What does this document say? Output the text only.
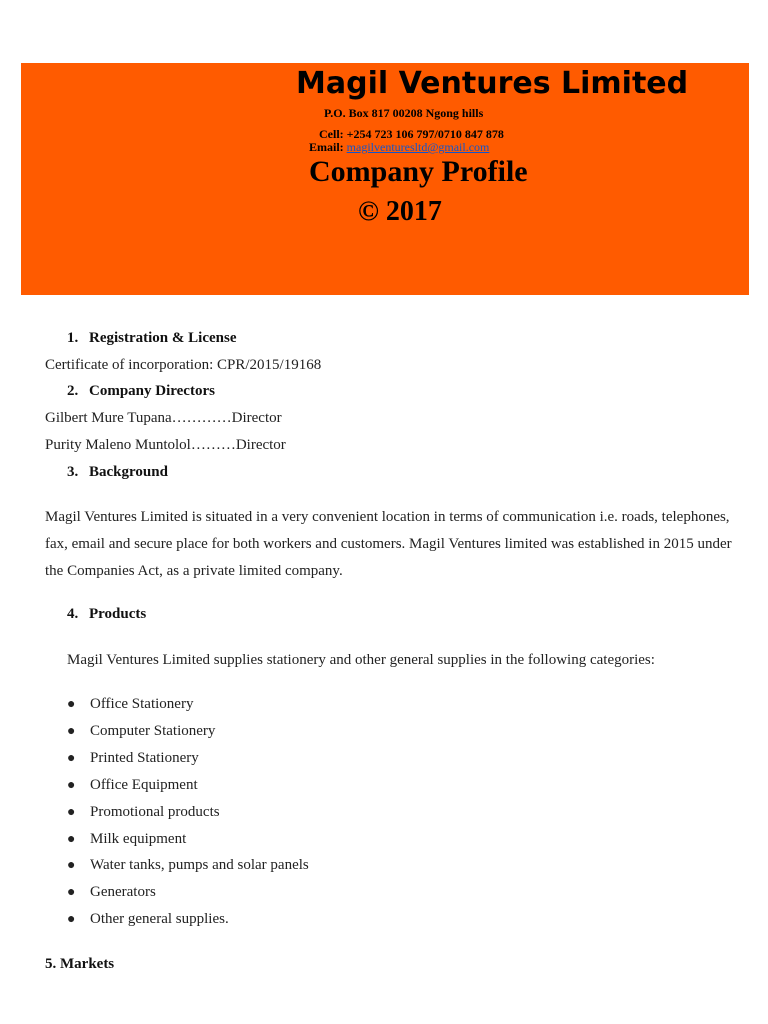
Magil Ventures Limited
P.O. Box 817 00208 Ngong hills
Cell: +254 723 106 797/0710 847 878
Email: magilventuresltd@gmail.com
Company Profile
© 2017
1. Registration & License
Certificate of incorporation: CPR/2015/19168
2. Company Directors
Gilbert Mure Tupana…………Director
Purity Maleno Muntolol………Director
3. Background
Magil Ventures Limited is situated in a very convenient location in terms of communication i.e. roads, telephones, fax, email and secure place for both workers and customers. Magil Ventures limited was established in 2015 under the Companies Act, as a private limited company.
4. Products
Magil Ventures Limited supplies stationery and other general supplies in the following categories:
● Office Stationery
● Computer Stationery
● Printed Stationery
● Office Equipment
● Promotional products
● Milk equipment
● Water tanks, pumps and solar panels
● Generators
● Other general supplies.
5. Markets
